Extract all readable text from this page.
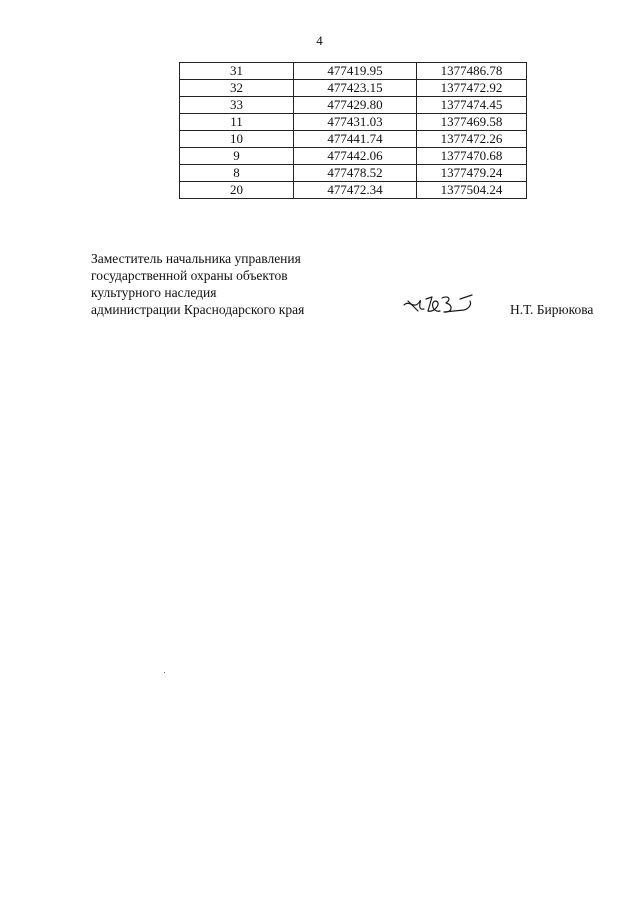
4
31	477419.95	1377486.78
32	477423.15	1377472.92
33	477429.80	1377474.45
11	477431.03	1377469.58
10	477441.74	1377472.26
9	477442.06	1377470.68
8	477478.52	1377479.24
20	477472.34	1377504.24
Заместитель начальника управления
государственной охраны объектов
культурного наследия
администрации Краснодарского края	Н.Т. Бирюкова
